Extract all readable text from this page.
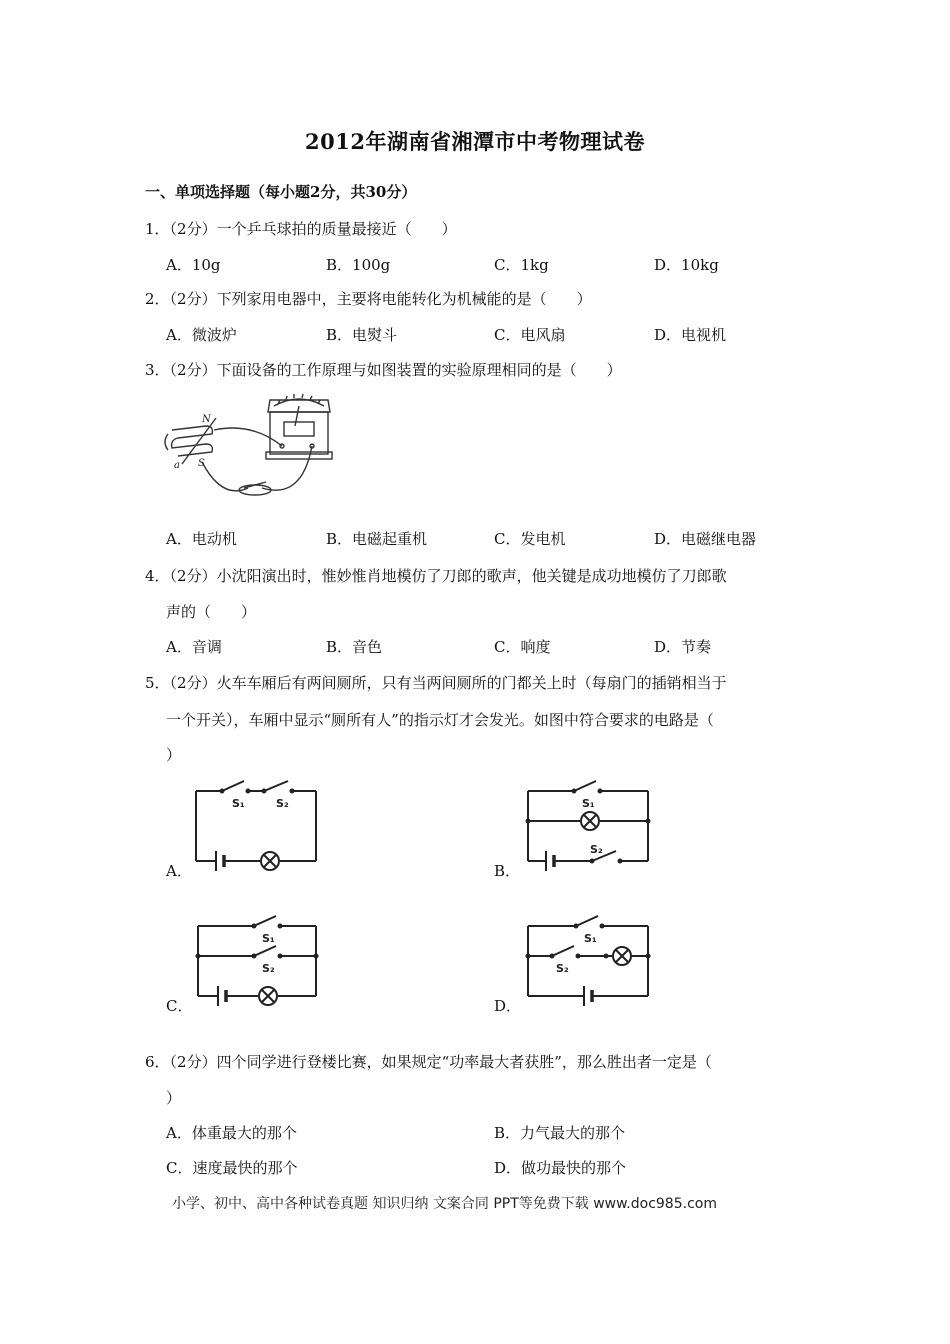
2012年湖南省湘潭市中考物理试卷
一、单项选择题（每小题2分，共30分）
1．（2分）一个乒乓球拍的质量最接近（　　）
A．10g	B．100g	C．1kg	D．10kg
2．（2分）下列家用电器中，主要将电能转化为机械能的是（　　）
A．微波炉	B．电熨斗	C．电风扇	D．电视机
3．（2分）下面设备的工作原理与如图装置的实验原理相同的是（　　）
N
S
a
A．电动机	B．电磁起重机	C．发电机	D．电磁继电器
4．（2分）小沈阳演出时，惟妙惟肖地模仿了刀郎的歌声，他关键是成功地模仿了刀郎歌
声的（　　）
A．音调	B．音色	C．响度	D．节奏
5．（2分）火车车厢后有两间厕所，只有当两间厕所的门都关上时（每扇门的插销相当于
一个开关），车厢中显示“厕所有人”的指示灯才会发光。如图中符合要求的电路是（
）
A．
S₁	S₂
B．
S₁
S₂
C．
S₁
S₂
D．
S₁
S₂
6．（2分）四个同学进行登楼比赛，如果规定“功率最大者获胜”，那么胜出者一定是（
）
A．体重最大的那个	B．力气最大的那个
C．速度最快的那个	D．做功最快的那个
小学、初中、高中各种试卷真题 知识归纳 文案合同 PPT等免费下载 www.doc985.com
